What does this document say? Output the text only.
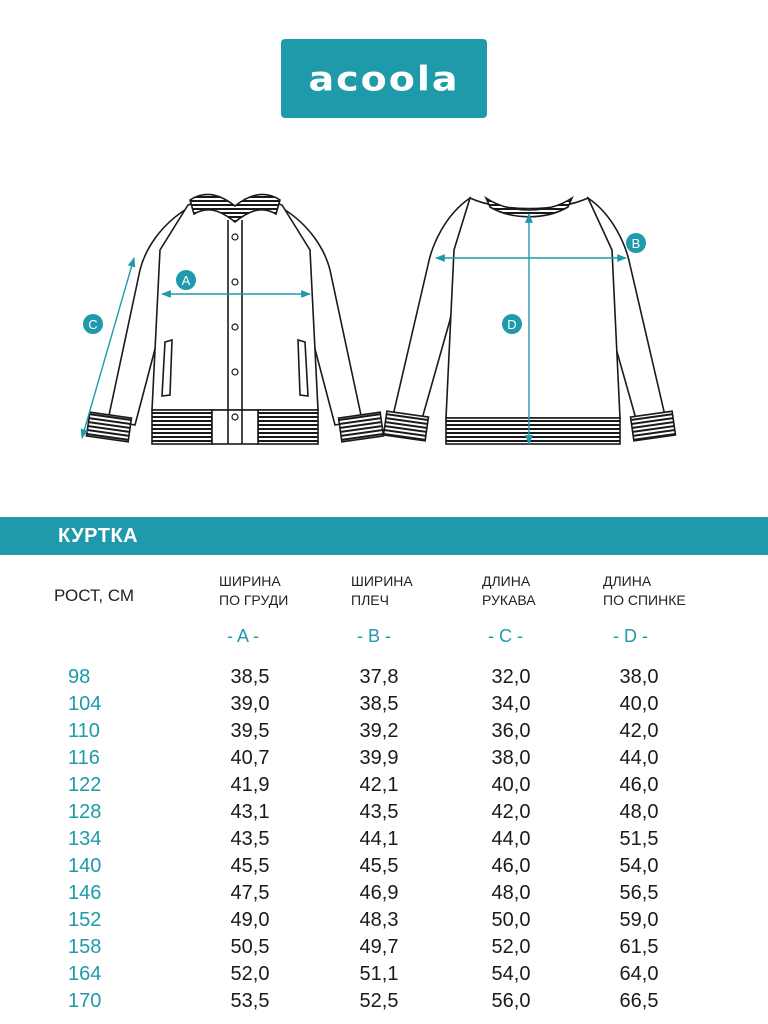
acoola
A
C
B
D
КУРТКА
РОСТ, СМ
ШИРИНА
ПО ГРУДИ
ШИРИНА
ПЛЕЧ
ДЛИНА
РУКАВА
ДЛИНА
ПО СПИНКЕ
- A -	- B -	- C -	- D -
98	38,5	37,8	32,0	38,0
104	39,0	38,5	34,0	40,0
110	39,5	39,2	36,0	42,0
116	40,7	39,9	38,0	44,0
122	41,9	42,1	40,0	46,0
128	43,1	43,5	42,0	48,0
134	43,5	44,1	44,0	51,5
140	45,5	45,5	46,0	54,0
146	47,5	46,9	48,0	56,5
152	49,0	48,3	50,0	59,0
158	50,5	49,7	52,0	61,5
164	52,0	51,1	54,0	64,0
170	53,5	52,5	56,0	66,5
